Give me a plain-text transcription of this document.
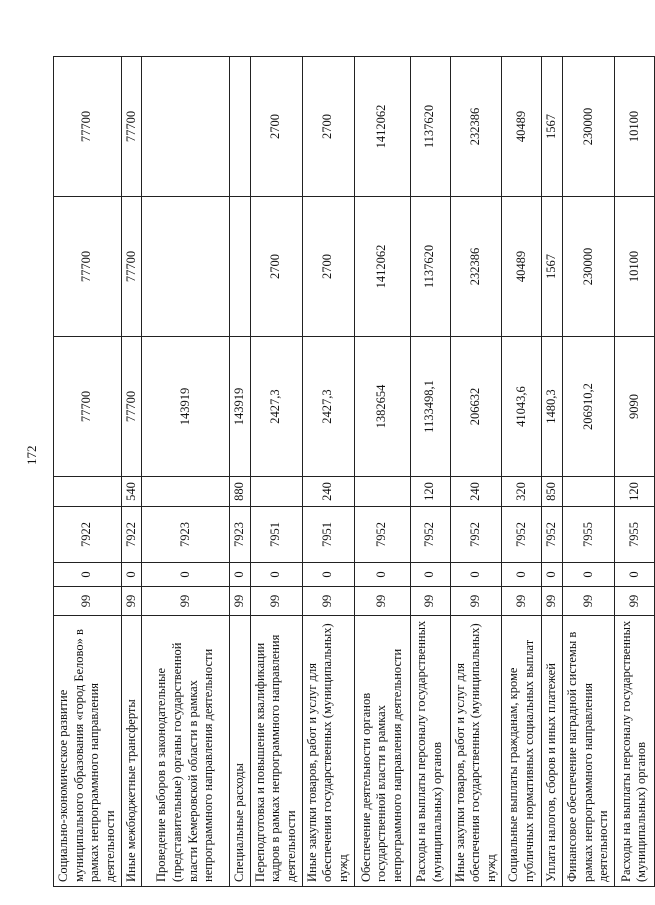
172
Социально-экономическое развитие муниципального образования «город Белово» в рамках непрограммного направления деятельности	99	0	7922		77700	77700	77700
Иные межбюджетные трансферты	99	0	7922	540	77700	77700	77700
Проведение выборов в законодательные (представительные) органы государственной власти Кемеровской области в рамках непрограммного направления деятельности	99	0	7923		143919		
Специальные расходы	99	0	7923	880	143919		
Переподготовка и повышение квалификации кадров в рамках непрограммного направления деятельности	99	0	7951		2427,3	2700	2700
Иные закупки товаров, работ и услуг для обеспечения государственных (муниципальных) нужд	99	0	7951	240	2427,3	2700	2700
Обеспечение деятельности органов государственной власти в рамках непрограммного направления деятельности	99	0	7952		1382654	1412062	1412062
Расходы на выплаты персоналу государственных (муниципальных) органов	99	0	7952	120	1133498,1	1137620	1137620
Иные закупки товаров, работ и услуг для обеспечения государственных (муниципальных) нужд	99	0	7952	240	206632	232386	232386
Социальные выплаты гражданам, кроме публичных нормативных социальных выплат	99	0	7952	320	41043,6	40489	40489
Уплата налогов, сборов и иных платежей	99	0	7952	850	1480,3	1567	1567
Финансовое обеспечение наградной системы в рамках непрограммного направления деятельности	99	0	7955		206910,2	230000	230000
Расходы на выплаты персоналу государственных (муниципальных) органов	99	0	7955	120	9090	10100	10100
